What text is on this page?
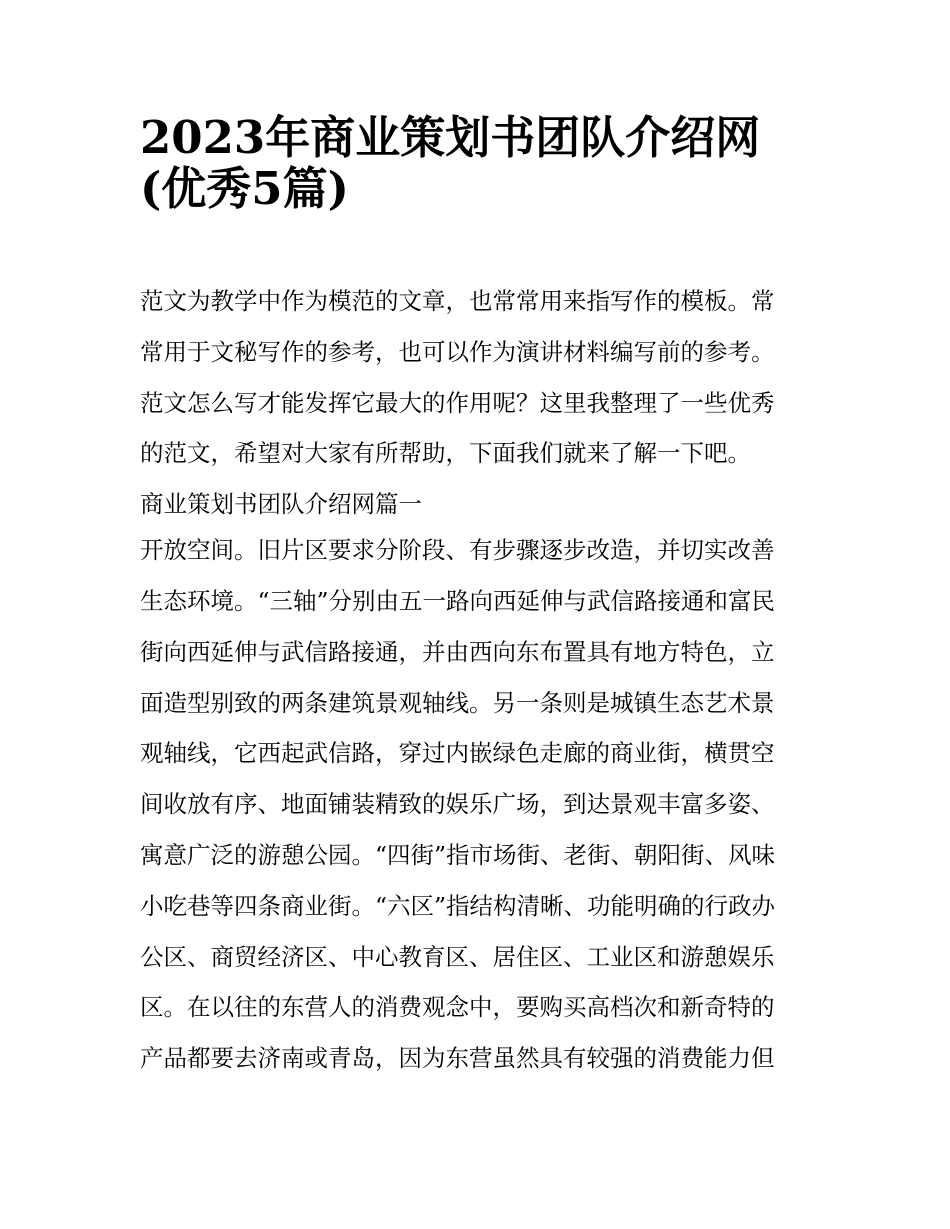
2023年商业策划书团队介绍网
(优秀5篇)
范文为教学中作为模范的文章，也常常用来指写作的模板。常
常用于文秘写作的参考，也可以作为演讲材料编写前的参考。
范文怎么写才能发挥它最大的作用呢？这里我整理了一些优秀
的范文，希望对大家有所帮助，下面我们就来了解一下吧。
商业策划书团队介绍网篇一
开放空间。旧片区要求分阶段、有步骤逐步改造，并切实改善
生态环境。“三轴”分别由五一路向西延伸与武信路接通和富民
街向西延伸与武信路接通，并由西向东布置具有地方特色，立
面造型别致的两条建筑景观轴线。另一条则是城镇生态艺术景
观轴线，它西起武信路，穿过内嵌绿色走廊的商业街，横贯空
间收放有序、地面铺装精致的娱乐广场，到达景观丰富多姿、
寓意广泛的游憩公园。“四街”指市场街、老街、朝阳街、风味
小吃巷等四条商业街。“六区”指结构清晰、功能明确的行政办
公区、商贸经济区、中心教育区、居住区、工业区和游憩娱乐
区。在以往的东营人的消费观念中，要购买高档次和新奇特的
产品都要去济南或青岛，因为东营虽然具有较强的消费能力但
